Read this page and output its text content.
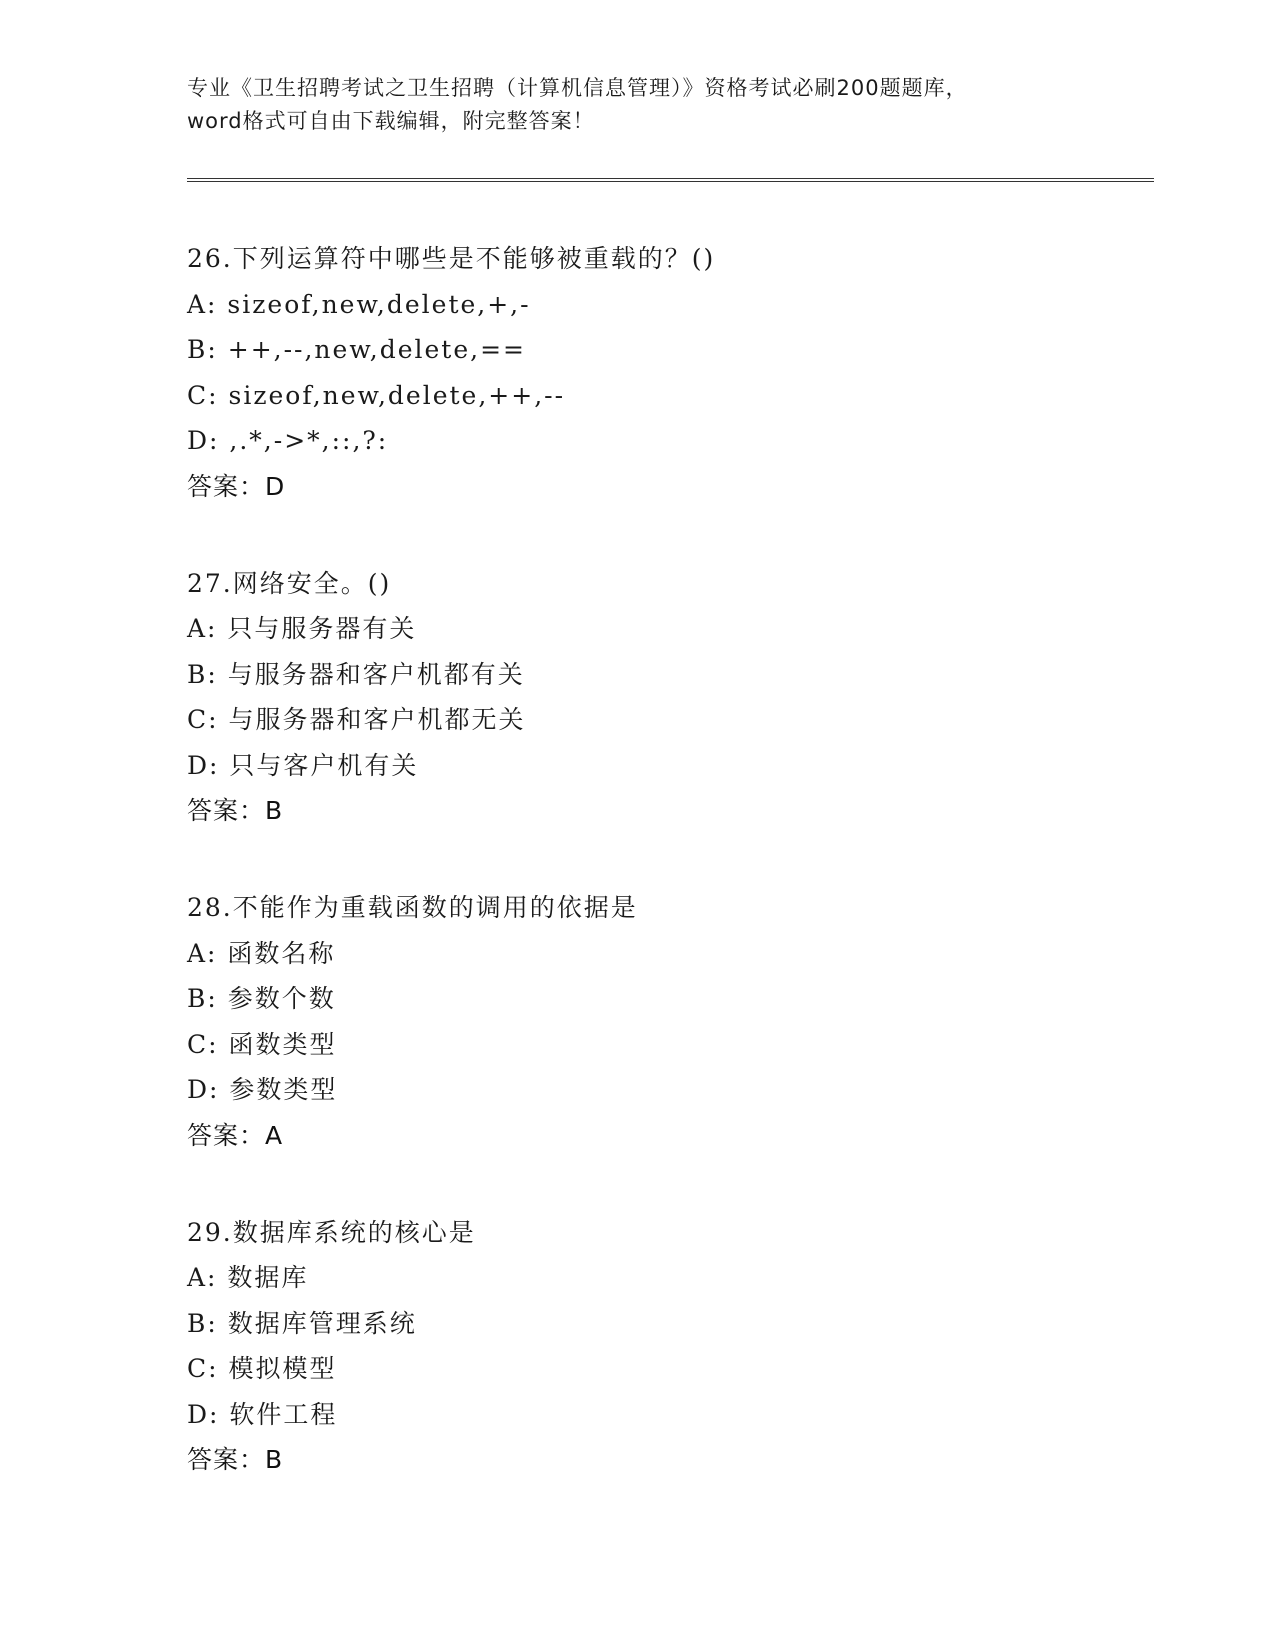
专业《卫生招聘考试之卫生招聘（计算机信息管理）》资格考试必刷200题题库，

word格式可自由下载编辑，附完整答案！

26.下列运算符中哪些是不能够被重载的？()
A: sizeof,new,delete,+,-
B: ++,--,new,delete,==
C: sizeof,new,delete,++,--
D: ,.*,->*,::,?:
答案：D
27.网络安全。()
A: 只与服务器有关
B: 与服务器和客户机都有关
C: 与服务器和客户机都无关
D: 只与客户机有关
答案：B
28.不能作为重载函数的调用的依据是
A: 函数名称
B: 参数个数
C: 函数类型
D: 参数类型
答案：A
29.数据库系统的核心是
A: 数据库
B: 数据库管理系统
C: 模拟模型
D: 软件工程
答案：B
